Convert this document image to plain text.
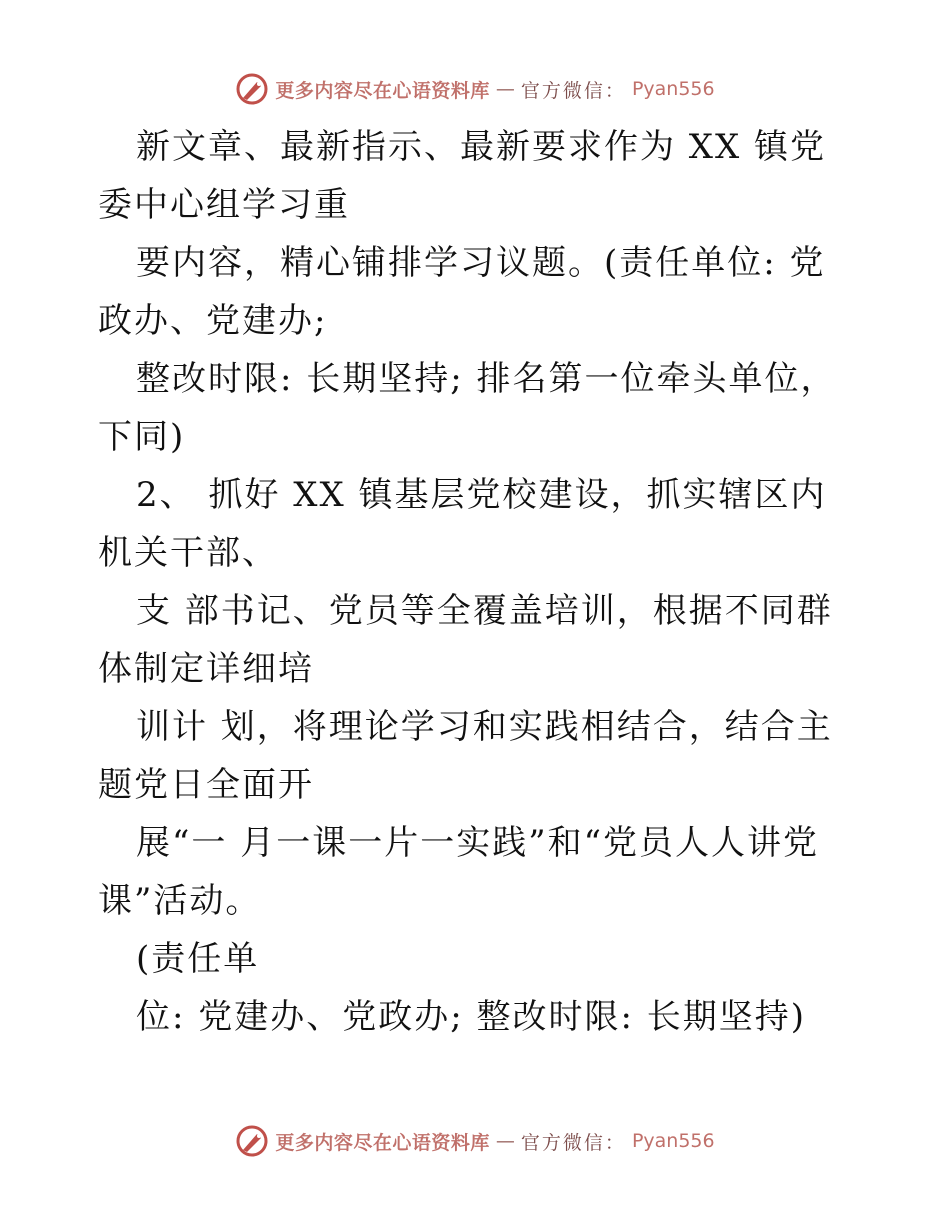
更多内容尽在心语资料库 — 官方微信： Pyan556

新文章、最新指示、最新要求作为 XX 镇党委中心组学习重

要内容，精心铺排学习议题。(责任单位: 党政办、党建办;

整改时限: 长期坚持; 排名第一位牵头单位，下同)

2、 抓好 XX 镇基层党校建设，抓实辖区内机关干部、

支 部书记、党员等全覆盖培训，根据不同群体制定详细培

训计 划，将理论学习和实践相结合，结合主题党日全面开

展“一 月一课一片一实践”和“党员人人讲党课”活动。

(责任单

位: 党建办、党政办; 整改时限: 长期坚持)

更多内容尽在心语资料库 — 官方微信： Pyan556
